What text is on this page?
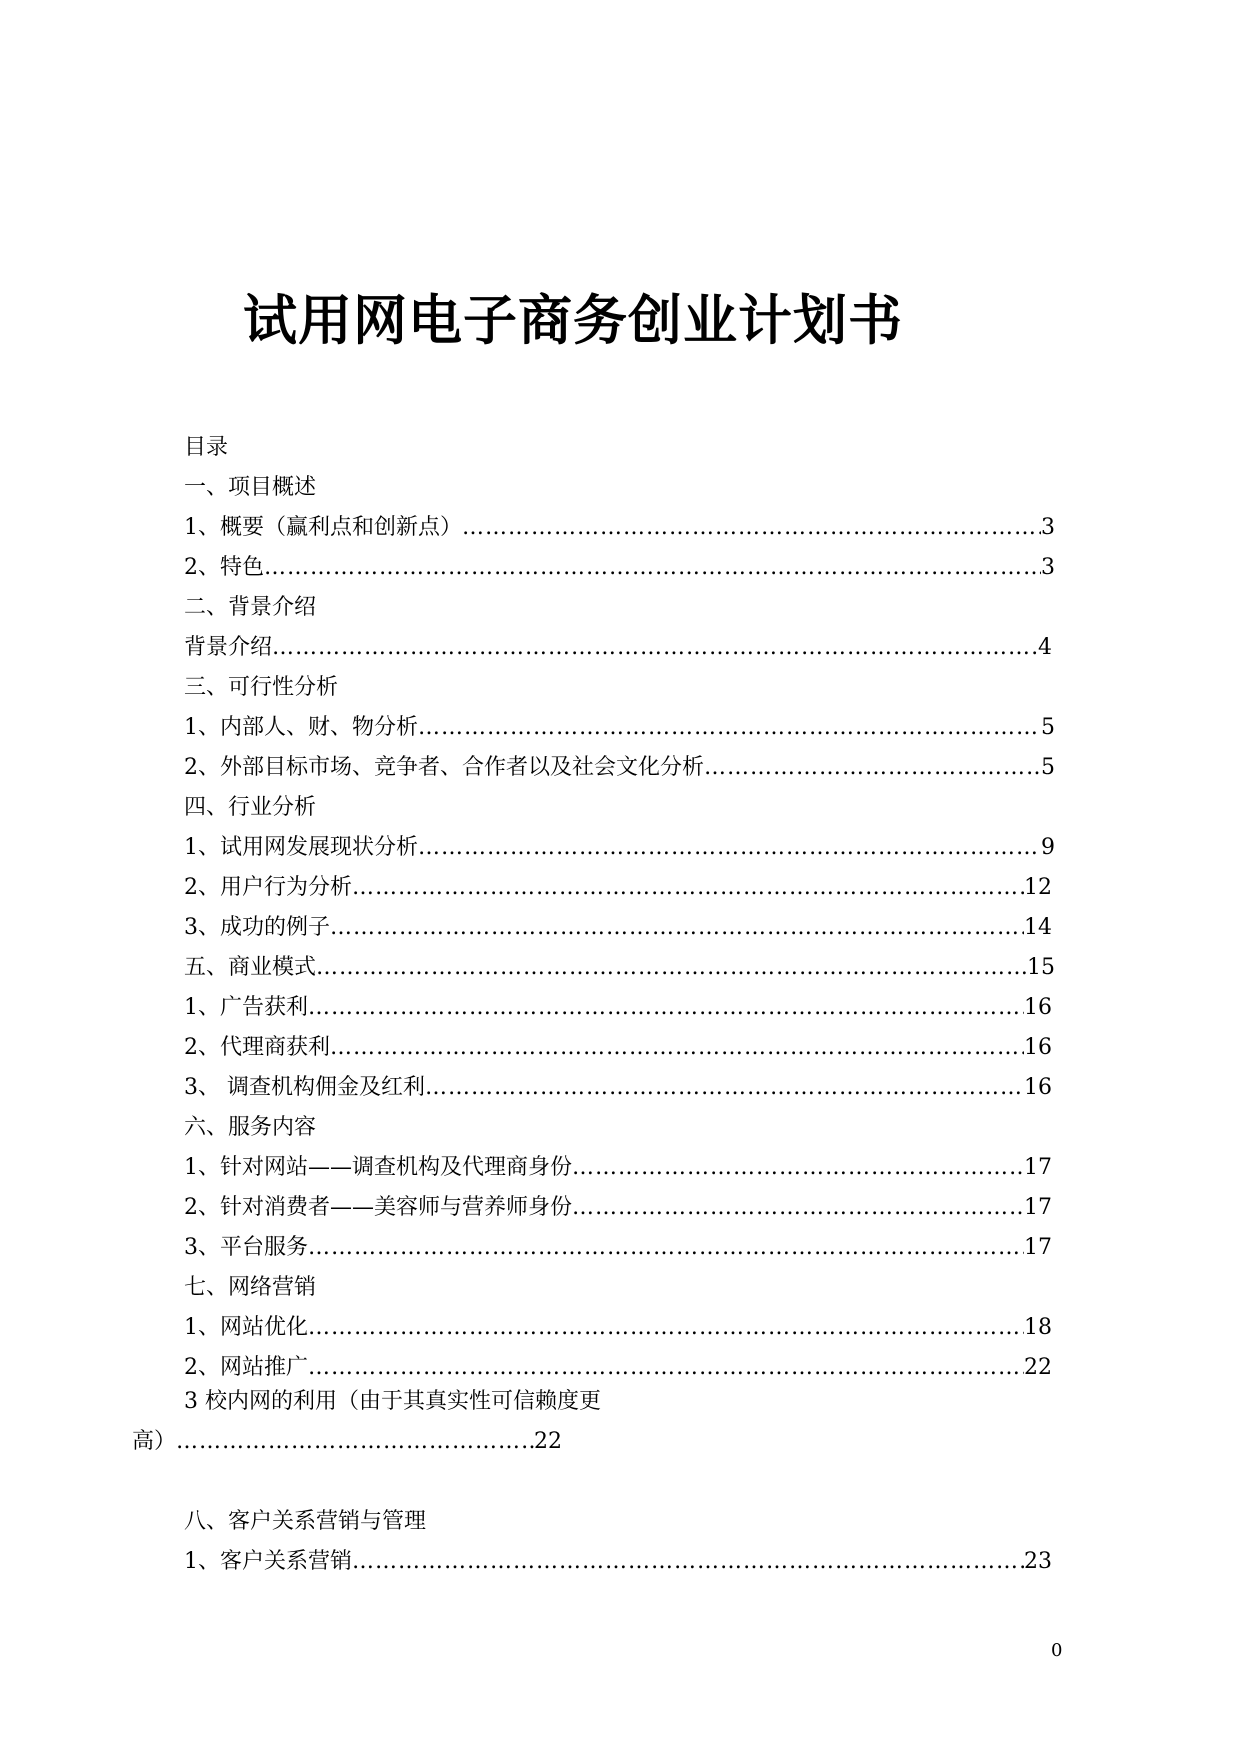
试用网电子商务创业计划书
目录
一、项目概述
1、概要（赢利点和创新点） ………………………………………………………………………………………………………………………………………………………………………………………	3
2、特色 ………………………………………………………………………………………………………………………………………………………………………………………	3
二、背景介绍
背景介绍 ………………………………………………………………………………………………………………………………………………………………………………………	4
三、可行性分析
1、内部人、财、物分析 ………………………………………………………………………………………………………………………………………………………………………………………	5
2、外部目标市场、竞争者、合作者以及社会文化分析 ………………………………………………………………………………………………………………………………………………………………………………………	5
四、行业分析
1、试用网发展现状分析 ………………………………………………………………………………………………………………………………………………………………………………………	9
2、用户行为分析 ………………………………………………………………………………………………………………………………………………………………………………………	12
3、成功的例子 ………………………………………………………………………………………………………………………………………………………………………………………	14
五、商业模式 ………………………………………………………………………………………………………………………………………………………………………………………	15
1、广告获利 ………………………………………………………………………………………………………………………………………………………………………………………	16
2、代理商获利 ………………………………………………………………………………………………………………………………………………………………………………………	16
3、 调查机构佣金及红利 ………………………………………………………………………………………………………………………………………………………………………………………	16
六、服务内容
1、针对网站——调查机构及代理商身份 ………………………………………………………………………………………………………………………………………………………………………………………	17
2、针对消费者——美容师与营养师身份 ………………………………………………………………………………………………………………………………………………………………………………………	17
3、平台服务 ………………………………………………………………………………………………………………………………………………………………………………………	17
七、网络营销
1、网站优化 ………………………………………………………………………………………………………………………………………………………………………………………	18
2、网站推广 ………………………………………………………………………………………………………………………………………………………………………………………	22
3 校内网的利用（由于其真实性可信赖度更
高） ………………………………………………………………………………………………	22
八、客户关系营销与管理
1、客户关系营销 ………………………………………………………………………………………………………………………………………………………………………………………	23
0
